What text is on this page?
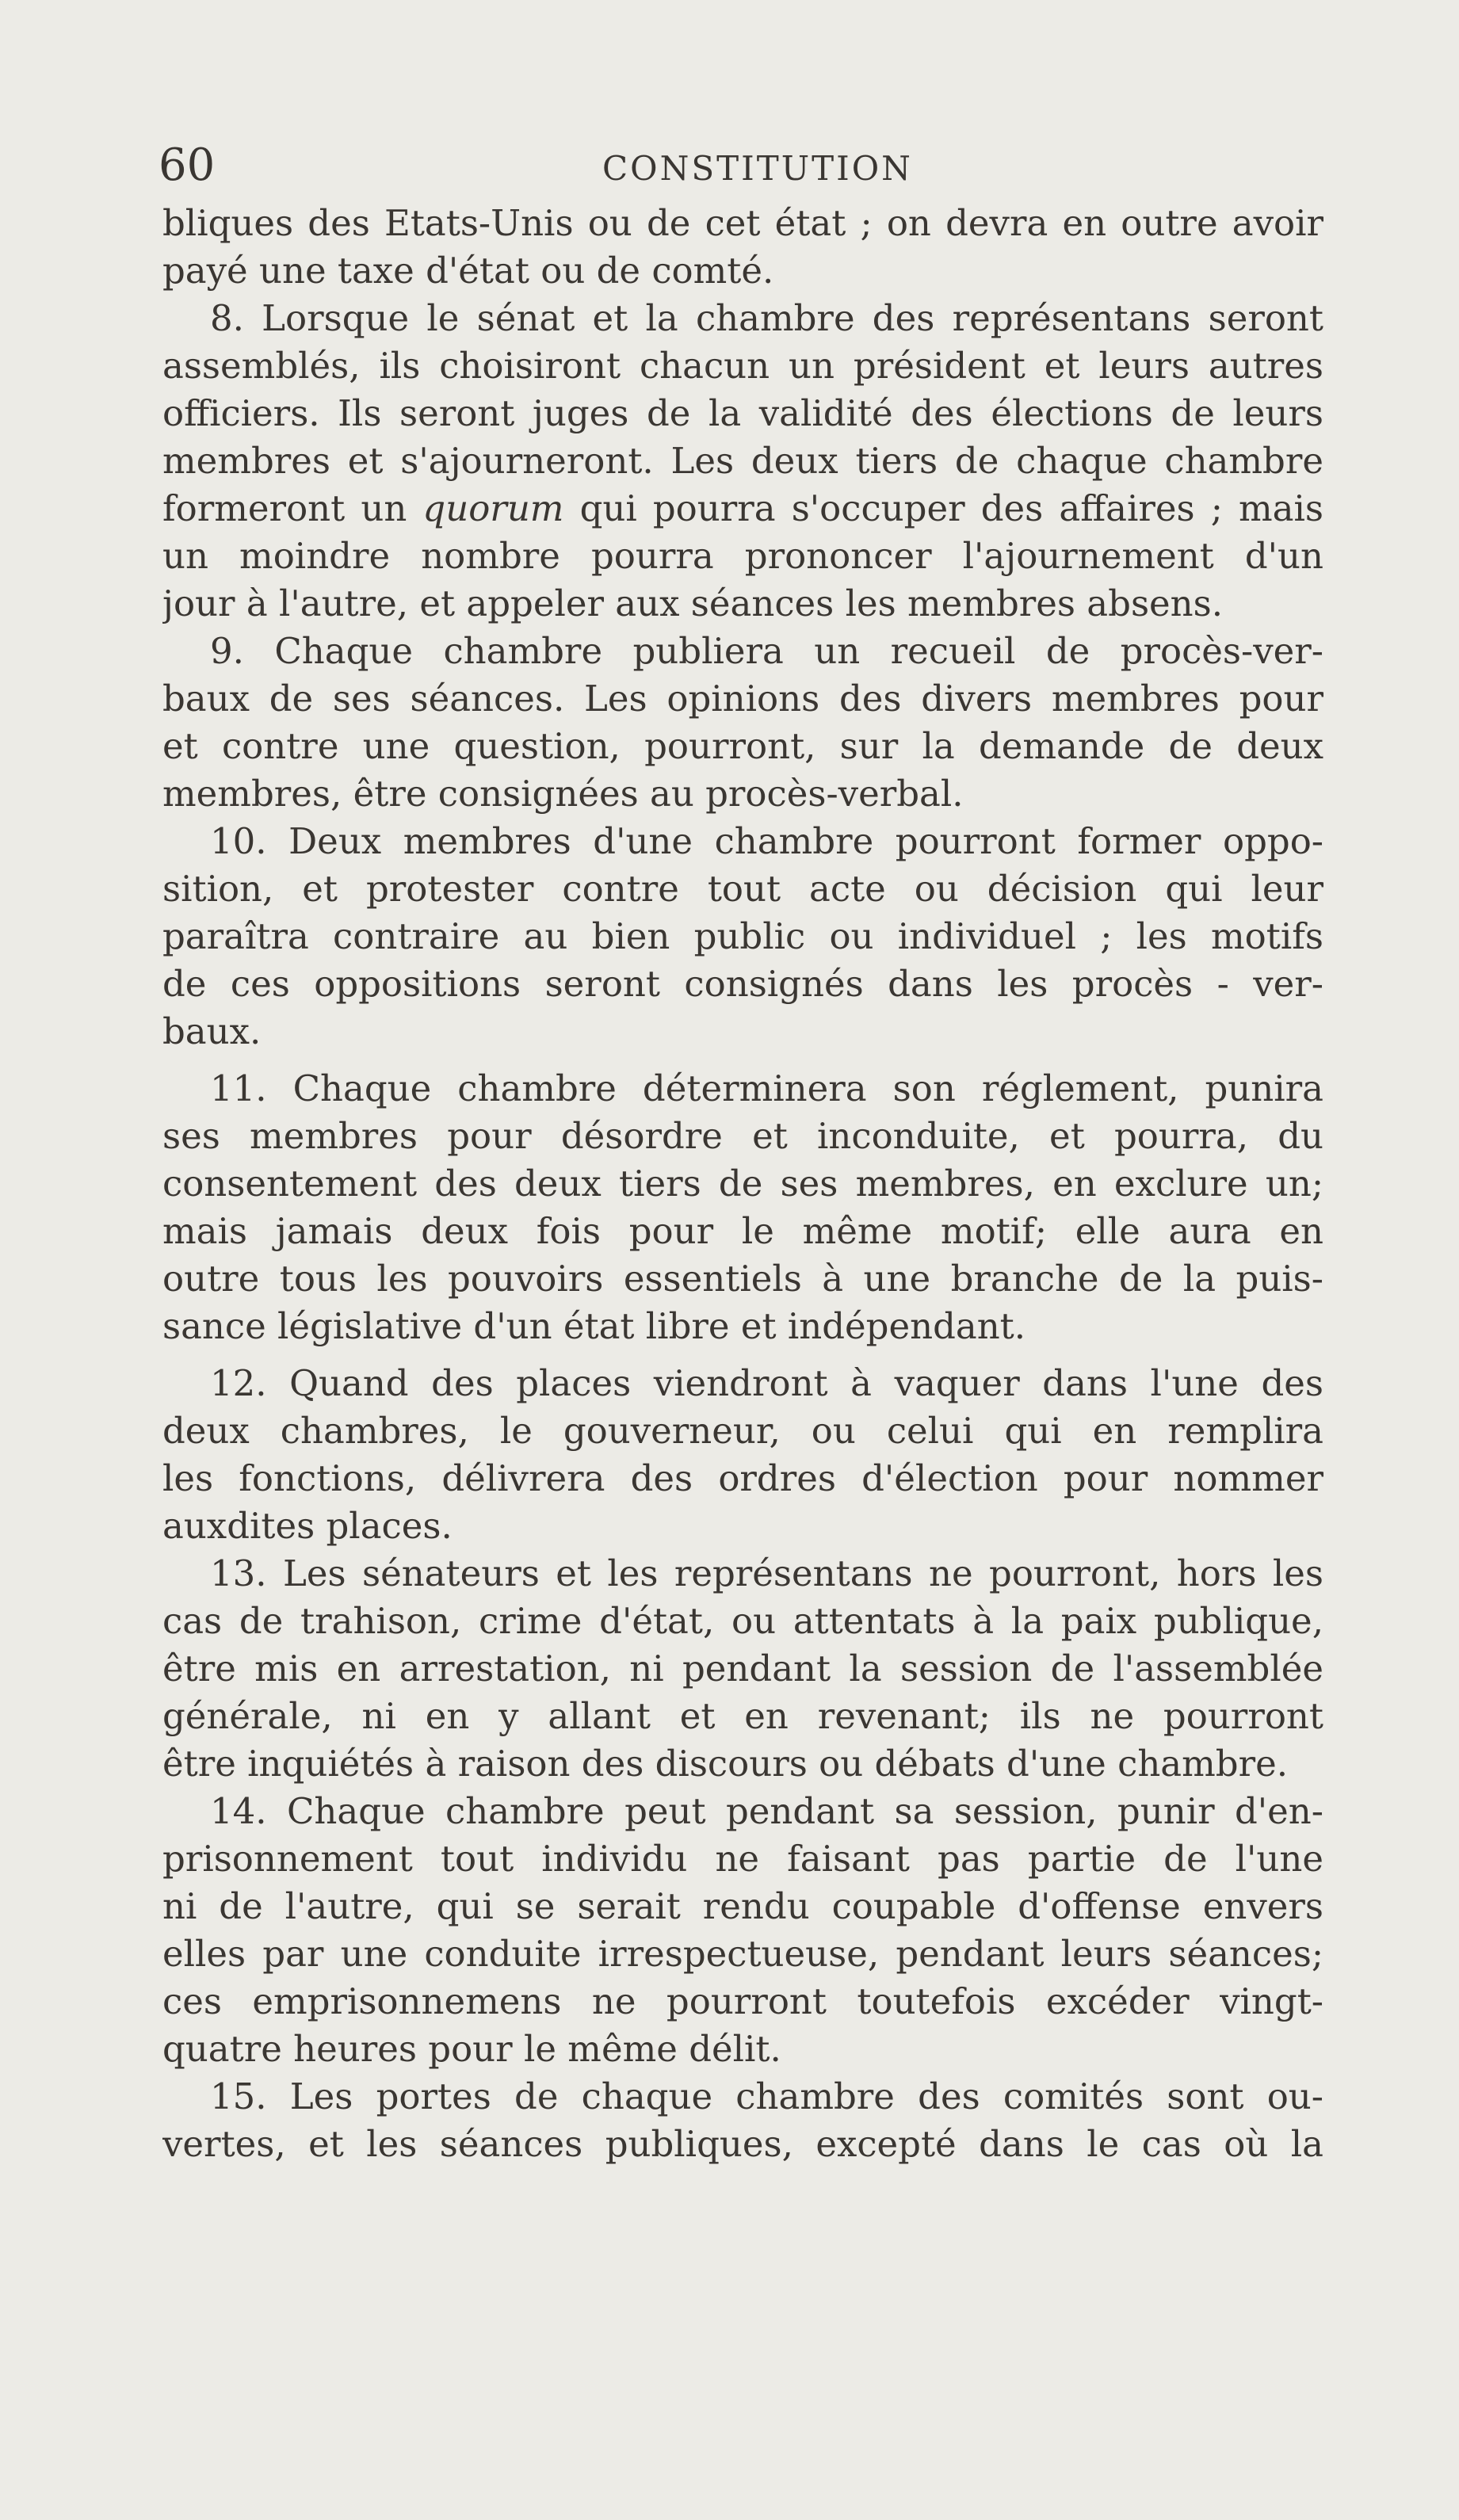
60	CONSTITUTION
bliques des Etats-Unis ou de cet état ; on devra en outre avoir
payé une taxe d'état ou de comté.
8. Lorsque le sénat et la chambre des représentans seront
assemblés, ils choisiront chacun un président et leurs autres
officiers. Ils seront juges de la validité des élections de leurs
membres et s'ajourneront. Les deux tiers de chaque chambre
formeront un quorum qui pourra s'occuper des affaires ; mais
un moindre nombre pourra prononcer l'ajournement d'un
jour à l'autre, et appeler aux séances les membres absens.
9. Chaque chambre publiera un recueil de procès-ver-
baux de ses séances. Les opinions des divers membres pour
et contre une question, pourront, sur la demande de deux
membres, être consignées au procès-verbal.
10. Deux membres d'une chambre pourront former oppo-
sition, et protester contre tout acte ou décision qui leur
paraîtra contraire au bien public ou individuel ; les motifs
de ces oppositions seront consignés dans les procès - ver-
baux.
11. Chaque chambre déterminera son réglement, punira
ses membres pour désordre et inconduite, et pourra, du
consentement des deux tiers de ses membres, en exclure un;
mais jamais deux fois pour le même motif; elle aura en
outre tous les pouvoirs essentiels à une branche de la puis-
sance législative d'un état libre et indépendant.
12. Quand des places viendront à vaquer dans l'une des
deux chambres, le gouverneur, ou celui qui en remplira
les fonctions, délivrera des ordres d'élection pour nommer
auxdites places.
13. Les sénateurs et les représentans ne pourront, hors les
cas de trahison, crime d'état, ou attentats à la paix publique,
être mis en arrestation, ni pendant la session de l'assemblée
générale, ni en y allant et en revenant; ils ne pourront
être inquiétés à raison des discours ou débats d'une chambre.
14. Chaque chambre peut pendant sa session, punir d'en-
prisonnement tout individu ne faisant pas partie de l'une
ni de l'autre, qui se serait rendu coupable d'offense envers
elles par une conduite irrespectueuse, pendant leurs séances;
ces emprisonnemens ne pourront toutefois excéder vingt-
quatre heures pour le même délit.
15. Les portes de chaque chambre des comités sont ou-
vertes, et les séances publiques, excepté dans le cas où la
